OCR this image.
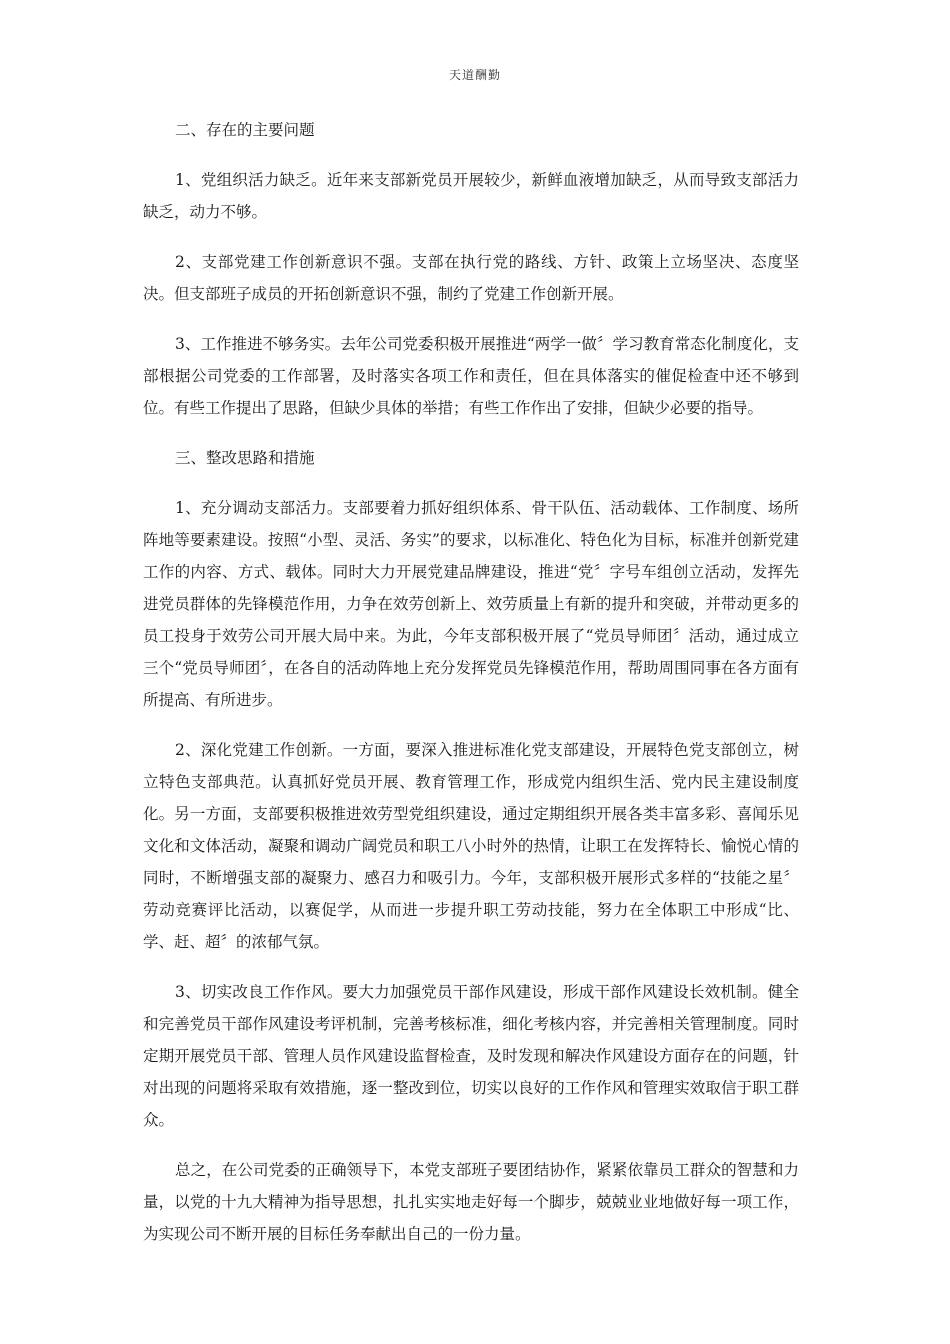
天道酬勤

二、存在的主要问题

1、党组织活力缺乏。近年来支部新党员开展较少，新鲜血液增加缺乏，从而导致支部活力缺乏，动力不够。

2、支部党建工作创新意识不强。支部在执行党的路线、方针、政策上立场坚决、态度坚决。但支部班子成员的开拓创新意识不强，制约了党建工作创新开展。

3、工作推进不够务实。去年公司党委积极开展推进“两学一做〞学习教育常态化制度化，支部根据公司党委的工作部署，及时落实各项工作和责任，但在具体落实的催促检查中还不够到位。有些工作提出了思路，但缺少具体的举措；有些工作作出了安排，但缺少必要的指导。

三、整改思路和措施

1、充分调动支部活力。支部要着力抓好组织体系、骨干队伍、活动载体、工作制度、场所阵地等要素建设。按照“小型、灵活、务实”的要求，以标准化、特色化为目标，标准并创新党建工作的内容、方式、载体。同时大力开展党建品牌建设，推进“党〞字号车组创立活动，发挥先进党员群体的先锋模范作用，力争在效劳创新上、效劳质量上有新的提升和突破，并带动更多的员工投身于效劳公司开展大局中来。为此，今年支部积极开展了“党员导师团〞活动，通过成立三个“党员导师团〞，在各自的活动阵地上充分发挥党员先锋模范作用，帮助周围同事在各方面有所提高、有所进步。

2、深化党建工作创新。一方面，要深入推进标准化党支部建设，开展特色党支部创立，树立特色支部典范。认真抓好党员开展、教育管理工作，形成党内组织生活、党内民主建设制度化。另一方面，支部要积极推进效劳型党组织建设，通过定期组织开展各类丰富多彩、喜闻乐见文化和文体活动，凝聚和调动广阔党员和职工八小时外的热情，让职工在发挥特长、愉悦心情的同时，不断增强支部的凝聚力、感召力和吸引力。今年，支部积极开展形式多样的“技能之星〞劳动竞赛评比活动，以赛促学，从而进一步提升职工劳动技能，努力在全体职工中形成“比、学、赶、超〞的浓郁气氛。

3、切实改良工作作风。要大力加强党员干部作风建设，形成干部作风建设长效机制。健全和完善党员干部作风建设考评机制，完善考核标准，细化考核内容，并完善相关管理制度。同时定期开展党员干部、管理人员作风建设监督检查，及时发现和解决作风建设方面存在的问题，针对出现的问题将采取有效措施，逐一整改到位，切实以良好的工作作风和管理实效取信于职工群众。

总之，在公司党委的正确领导下，本党支部班子要团结协作，紧紧依靠员工群众的智慧和力量，以党的十九大精神为指导思想，扎扎实实地走好每一个脚步，兢兢业业地做好每一项工作，为实现公司不断开展的目标任务奉献出自己的一份力量。
